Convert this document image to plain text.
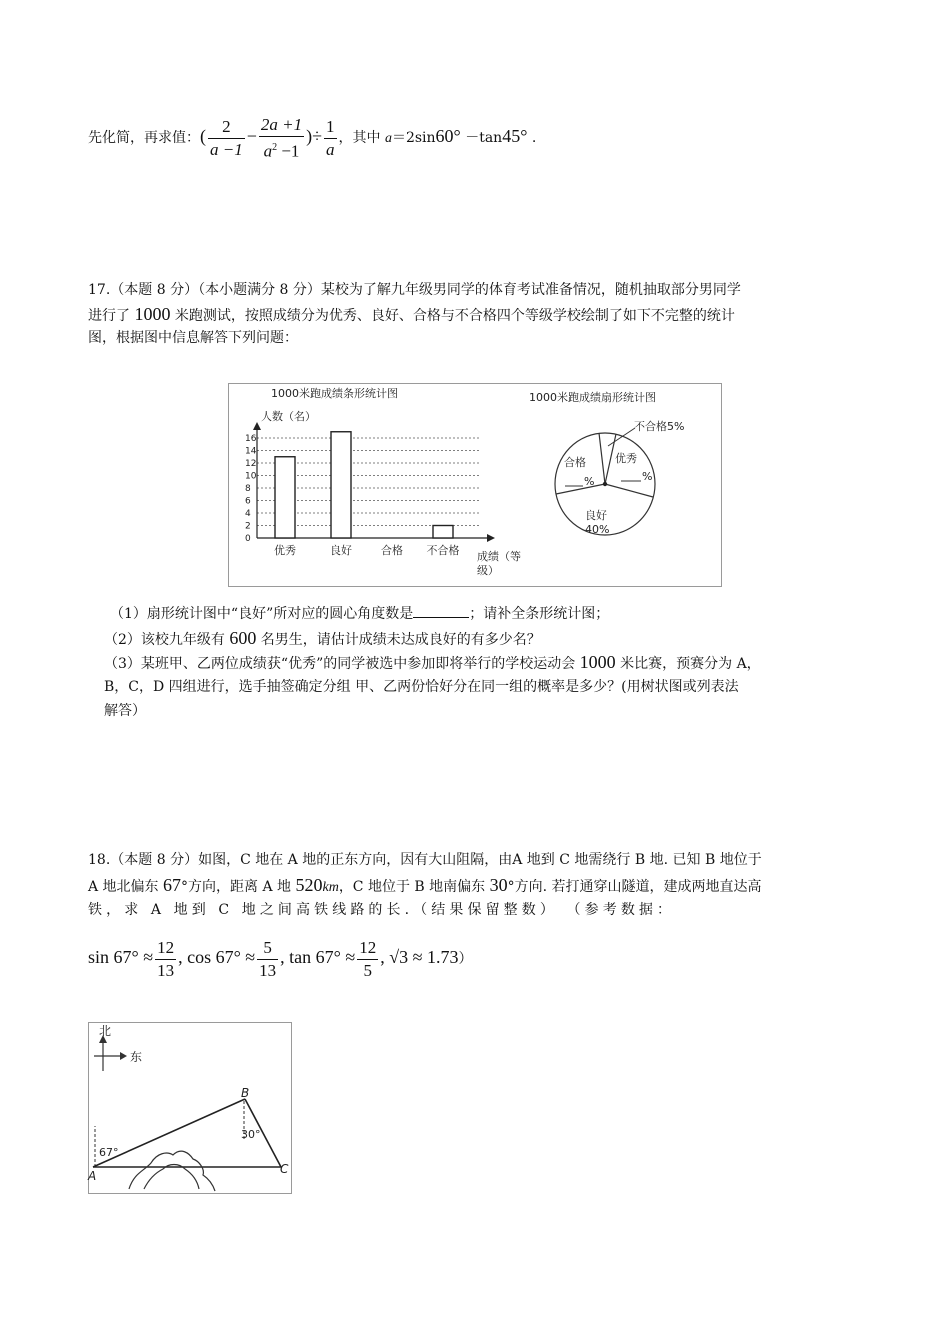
先化简，再求值：( $\frac{2}{a -1} - \frac{2a +1}{a^2 -1}$ )÷ $\frac{1}{a}$ ，其中 a＝2sin60° －tan45° .
17.（本题 8 分）（本小题满分 8 分）某校为了解九年级男同学的体育考试准备情况，随机抽取部分男同学
进行了 1000 米跑测试，按照成绩分为优秀、良好、合格与不合格四个等级学校绘制了如下不完整的统计
图，根据图中信息解答下列问题：
1000米跑成绩条形统计图
人数（名）
0
2
4
6
8
10
12
14
16
优秀	良好	合格 不合格 成绩（等
级）
1000米跑成绩扇形统计图
不合格5%
优秀
%
合格
%
良好
40%
（1）扇形统计图中“良好”所对应的圆心角度数是	；请补全条形统计图；
（2）该校九年级有 600 名男生，请估计成绩未达成良好的有多少名？
（3）某班甲、乙两位成绩获“优秀”的同学被选中参加即将举行的学校运动会 1000 米比赛，预赛分为 A，
B，C，D 四组进行，选手抽签确定分组 甲、乙两份恰好分在同一组的概率是多少？(用树状图或列表法
解答）
18.（本题 8 分）如图，C 地在 A 地的正东方向，因有大山阻隔，由A 地到 C 地需绕行 B 地. 已知 B 地位于
A 地北偏东 67°方向，距离 A 地 520km，C 地位于 B 地南偏东 30°方向. 若打通穿山隧道，建成两地直达高
铁，求 A 地到 C 地之间高铁线路的长.（结果保留整数） （参考数据：
$\sin 67^\circ \approx \frac{12}{13}$ , $\cos 67^\circ \approx \frac{5}{13}$ , $\tan 67^\circ \approx \frac{12}{5}$ , √3 ≈ 1.73）
北
东
67°
30°
A
B
C
